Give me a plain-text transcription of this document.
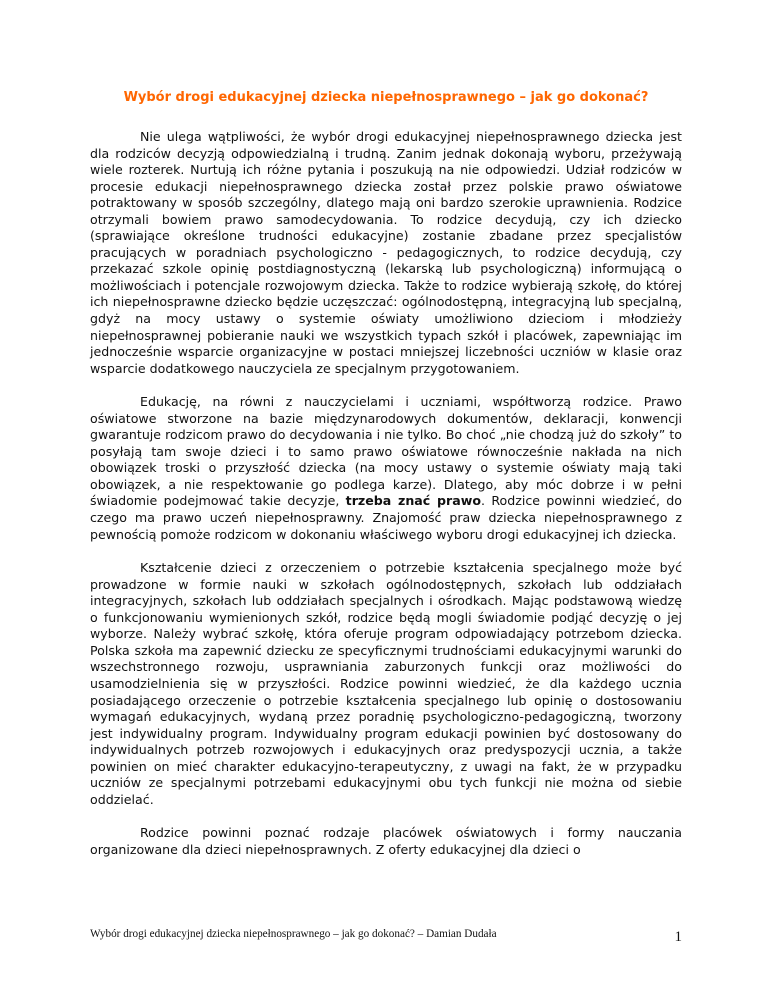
Wybór drogi edukacyjnej dziecka niepełnosprawnego – jak go dokonać?

Nie ulega wątpliwości, że wybór drogi edukacyjnej niepełnosprawnego dziecka jest dla rodziców decyzją odpowiedzialną i trudną. Zanim jednak dokonają wyboru, przeżywają wiele rozterek. Nurtują ich różne pytania i poszukują na nie odpowiedzi. Udział rodziców w procesie edukacji niepełnosprawnego dziecka został przez polskie prawo oświatowe potraktowany w sposób szczególny, dlatego mają oni bardzo szerokie uprawnienia. Rodzice otrzymali bowiem prawo samodecydowania. To rodzice decydują, czy ich dziecko (sprawiające określone trudności edukacyjne) zostanie zbadane przez specjalistów pracujących w poradniach psychologiczno - pedagogicznych, to rodzice decydują, czy przekazać szkole opinię postdiagnostyczną (lekarską lub psychologiczną) informującą o możliwościach i potencjale rozwojowym dziecka. Także to rodzice wybierają szkołę, do której ich niepełnosprawne dziecko będzie uczęszczać: ogólnodostępną, integracyjną lub specjalną, gdyż na mocy ustawy o systemie oświaty umożliwiono dzieciom i młodzieży niepełnosprawnej pobieranie nauki we wszystkich typach szkół i placówek, zapewniając im jednocześnie wsparcie organizacyjne w postaci mniejszej liczebności uczniów w klasie oraz wsparcie dodatkowego nauczyciela ze specjalnym przygotowaniem.

Edukację, na równi z nauczycielami i uczniami, współtworzą rodzice. Prawo oświatowe stworzone na bazie międzynarodowych dokumentów, deklaracji, konwencji gwarantuje rodzicom prawo do decydowania i nie tylko. Bo choć „nie chodzą już do szkoły” to posyłają tam swoje dzieci i to samo prawo oświatowe równocześnie nakłada na nich obowiązek troski o przyszłość dziecka (na mocy ustawy o systemie oświaty mają taki obowiązek, a nie respektowanie go podlega karze). Dlatego, aby móc dobrze i w pełni świadomie podejmować takie decyzje, trzeba znać prawo. Rodzice powinni wiedzieć, do czego ma prawo uczeń niepełnosprawny. Znajomość praw dziecka niepełnosprawnego z pewnością pomoże rodzicom w dokonaniu właściwego wyboru drogi edukacyjnej ich dziecka.

Kształcenie dzieci z orzeczeniem o potrzebie kształcenia specjalnego może być prowadzone w formie nauki w szkołach ogólnodostępnych, szkołach lub oddziałach integracyjnych, szkołach lub oddziałach specjalnych i ośrodkach. Mając podstawową wiedzę o funkcjonowaniu wymienionych szkół, rodzice będą mogli świadomie podjąć decyzję o jej wyborze. Należy wybrać szkołę, która oferuje program odpowiadający potrzebom dziecka. Polska szkoła ma zapewnić dziecku ze specyficznymi trudnościami edukacyjnymi warunki do wszechstronnego rozwoju, usprawniania zaburzonych funkcji oraz możliwości do usamodzielnienia się w przyszłości. Rodzice powinni wiedzieć, że dla każdego ucznia posiadającego orzeczenie o potrzebie kształcenia specjalnego lub opinię o dostosowaniu wymagań edukacyjnych, wydaną przez poradnię psychologiczno-pedagogiczną, tworzony jest indywidualny program. Indywidualny program edukacji powinien być dostosowany do indywidualnych potrzeb rozwojowych i edukacyjnych oraz predyspozycji ucznia, a także powinien on mieć charakter edukacyjno-terapeutyczny, z uwagi na fakt, że w przypadku uczniów ze specjalnymi potrzebami edukacyjnymi obu tych funkcji nie można od siebie oddzielać.

Rodzice powinni poznać rodzaje placówek oświatowych i formy nauczania organizowane dla dzieci niepełnosprawnych. Z oferty edukacyjnej dla dzieci o

Wybór drogi edukacyjnej dziecka niepełnosprawnego – jak go dokonać? – Damian Dudała	1
